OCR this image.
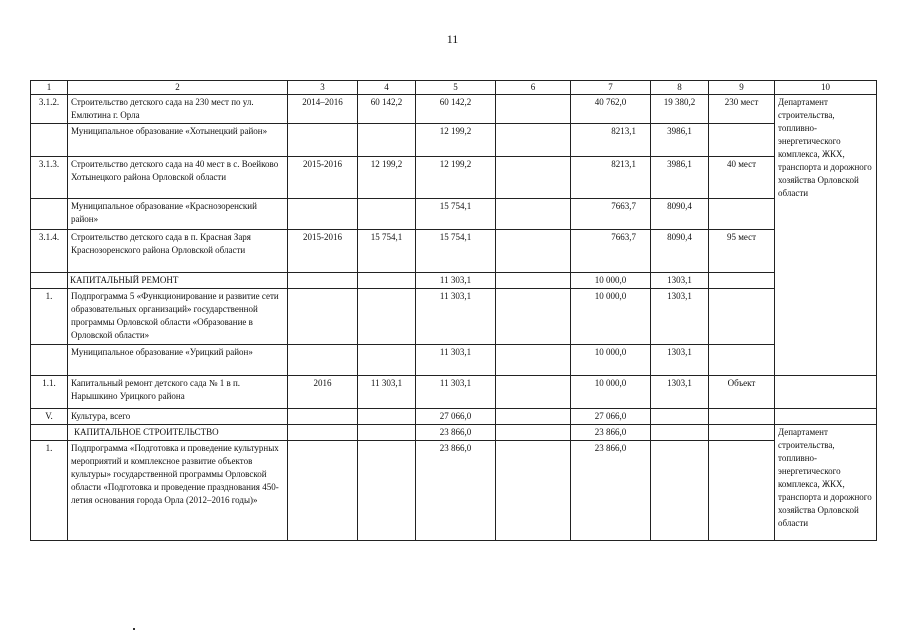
11
1	2	3	4	5	6	7	8	9	10
3.1.2.	Строительство детского сада на 230 мест по ул. Емлютина г. Орла	2014–2016	60 142,2	60 142,2		40 762,0	19 380,2	230 мест	Департамент строительства, топливно-энергетического комплекса, ЖКХ, транспорта и дорожного хозяйства Орловской области
	Муниципальное образование «Хотынецкий район»			12 199,2		8213,1	3986,1		
3.1.3.	Строительство детского сада на 40 мест в с. Воейково Хотынецкого района Орловской области	2015-2016	12 199,2	12 199,2		8213,1	3986,1	40 мест	
	Муниципальное образование «Краснозоренский район»			15 754,1		7663,7	8090,4		
3.1.4.	Строительство детского сада в п. Красная Заря Краснозоренского района Орловской области	2015-2016	15 754,1	15 754,1		7663,7	8090,4	95 мест	
	КАПИТАЛЬНЫЙ РЕМОНТ			11 303,1		10 000,0	1303,1		
1.	Подпрограмма 5 «Функционирование и развитие сети образовательных организаций» государственной программы Орловской области «Образование в Орловской области»			11 303,1		10 000,0	1303,1		
	Муниципальное образование «Урицкий район»			11 303,1		10 000,0	1303,1		
1.1.	Капитальный ремонт детского сада № 1 в п. Нарышкино Урицкого района	2016	11 303,1	11 303,1		10 000,0	1303,1	Объект	
V.	Культура, всего			27 066,0		27 066,0			
	КАПИТАЛЬНОЕ СТРОИТЕЛЬСТВО			23 866,0		23 866,0			Департамент строительства, топливно-энергетического комплекса, ЖКХ, транспорта и дорожного хозяйства Орловской области
1.	Подпрограмма «Подготовка и проведение культурных мероприятий и комплексное развитие объектов культуры» государственной программы Орловской области «Подготовка и проведение празднования 450-летия основания города Орла (2012–2016 годы)»			23 866,0		23 866,0			
